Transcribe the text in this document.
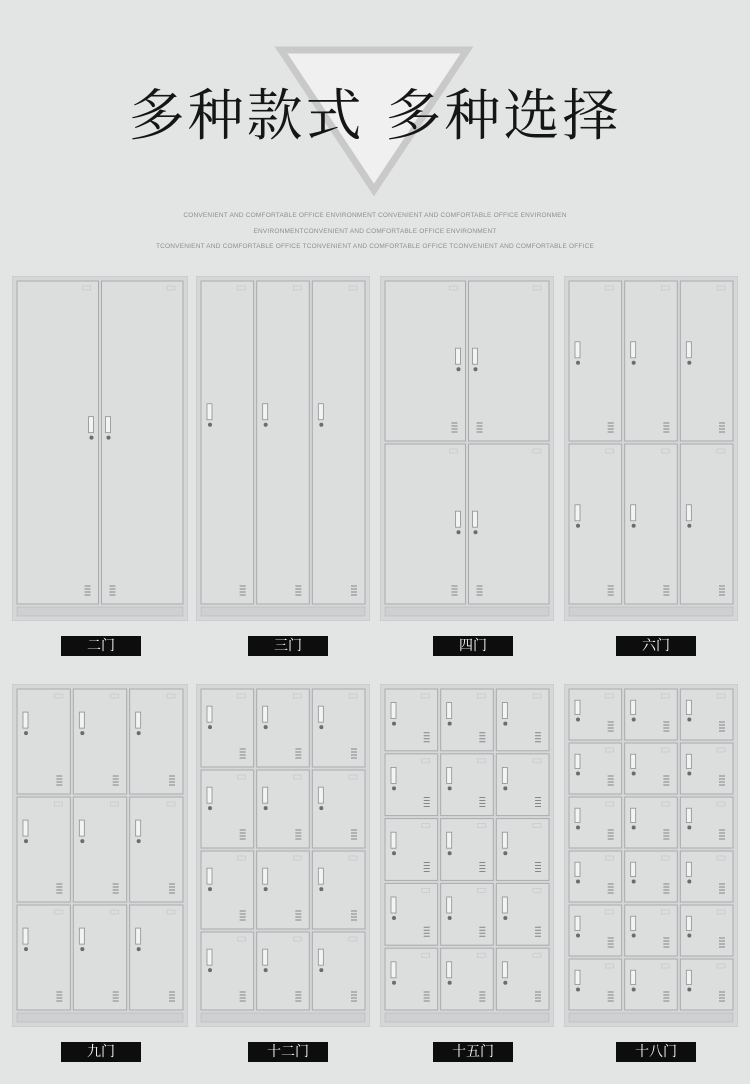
多种款式 多种选择
CONVENIENT AND COMFORTABLE OFFICE ENVIRONMENT CONVENIENT AND COMFORTABLE OFFICE ENVIRONMEN
ENVIRONMENTCONVENIENT AND COMFORTABLE OFFICE ENVIRONMENT
TCONVENIENT AND COMFORTABLE OFFICE TCONVENIENT AND COMFORTABLE OFFICE TCONVENIENT AND COMFORTABLE OFFICE
二门	三门	四门	六门
九门	十二门	十五门	十八门
